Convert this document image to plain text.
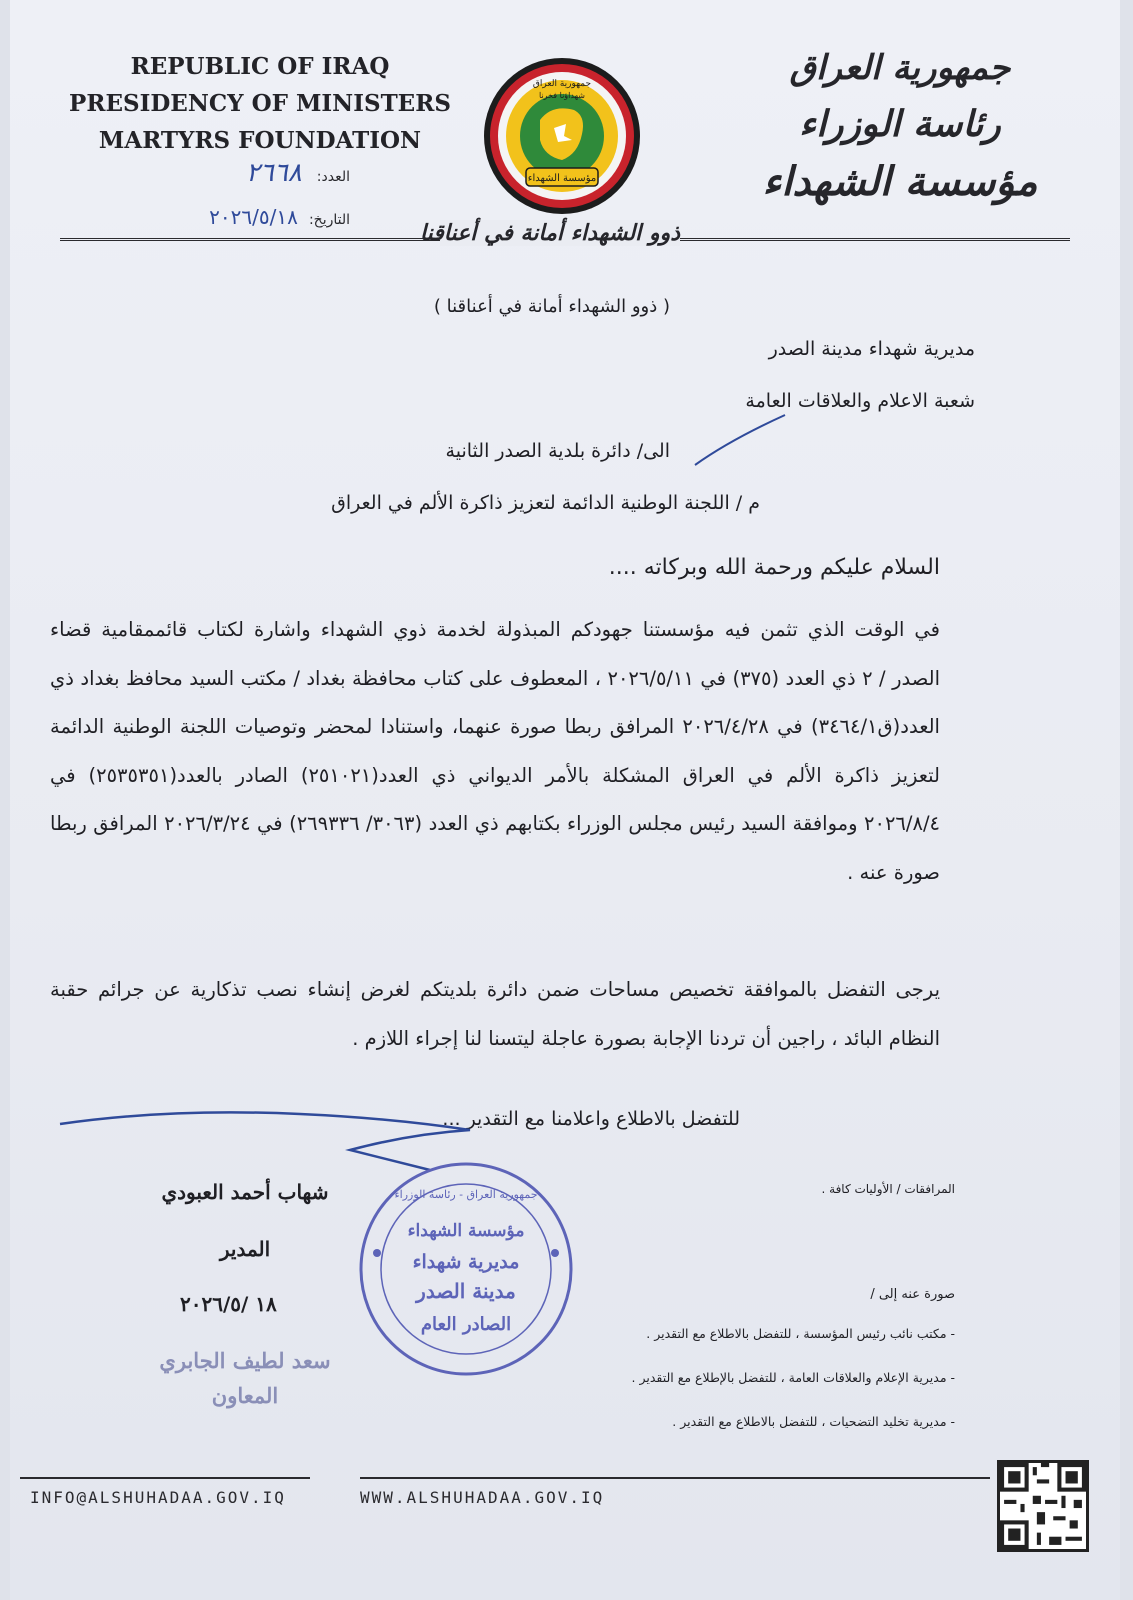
REPUBLIC OF IRAQ
PRESIDENCY OF MINISTERS
MARTYRS FOUNDATION
العدد: ٢٦٦٨
التاريخ: ٢٠٢٦/٥/١٨
مؤسسة الشهداء
جمهورية العراق
شهداؤنا فخرنا
جمهورية العراق
رئاسة الوزراء
مؤسسة الشهداء
ذوو الشهداء أمانة في أعناقنا
( ذوو الشهداء أمانة في أعناقنا )
مديرية شهداء مدينة الصدر
شعبة الاعلام والعلاقات العامة
الى/ دائرة بلدية الصدر الثانية
م / اللجنة الوطنية الدائمة لتعزيز ذاكرة الألم في العراق
السلام عليكم ورحمة الله وبركاته ....
في الوقت الذي تثمن فيه مؤسستنا جهودكم المبذولة لخدمة ذوي الشهداء واشارة لكتاب قائممقامية قضاء الصدر / ٢ ذي العدد (٣٧٥) في ٢٠٢٦/٥/١١ ، المعطوف على كتاب محافظة بغداد / مكتب السيد محافظ بغداد ذي العدد(ق٣٤٦٤/١) في ٢٠٢٦/٤/٢٨ المرافق ربطا صورة عنهما، واستنادا لمحضر وتوصيات اللجنة الوطنية الدائمة لتعزيز ذاكرة الألم في العراق المشكلة بالأمر الديواني ذي العدد(٢٥١٠٢١) الصادر بالعدد(٢٥٣٥٣٥١) في ٢٠٢٦/٨/٤ وموافقة السيد رئيس مجلس الوزراء بكتابهم ذي العدد (٣٠٦٣/ ٢٦٩٣٣٦) في ٢٠٢٦/٣/٢٤ المرافق ربطا صورة عنه .
يرجى التفضل بالموافقة تخصيص مساحات ضمن دائرة بلديتكم لغرض إنشاء نصب تذكارية عن جرائم حقبة النظام البائد ، راجين أن تردنا الإجابة بصورة عاجلة ليتسنا لنا إجراء اللازم .
للتفضل بالاطلاع واعلامنا مع التقدير ...
المرافقات / الأوليات كافة .
شهاب أحمد العبودي
المدير
١٨ /٢٠٢٦/٥
سعد لطيف الجابري
المعاون
جمهورية العراق - رئاسة الوزراء
مؤسسة الشهداء
مديرية شهداء
مدينة الصدر
الصادر العام
صورة عنه إلى /
- مكتب نائب رئيس المؤسسة ، للتفضل بالاطلاع مع التقدير .
- مديرية الإعلام والعلاقات العامة ، للتفضل بالإطلاع مع التقدير .
- مديرية تخليد التضحيات ، للتفضل بالاطلاع مع التقدير .
INFO@ALSHUHADAA.GOV.IQ	WWW.ALSHUHADAA.GOV.IQ
